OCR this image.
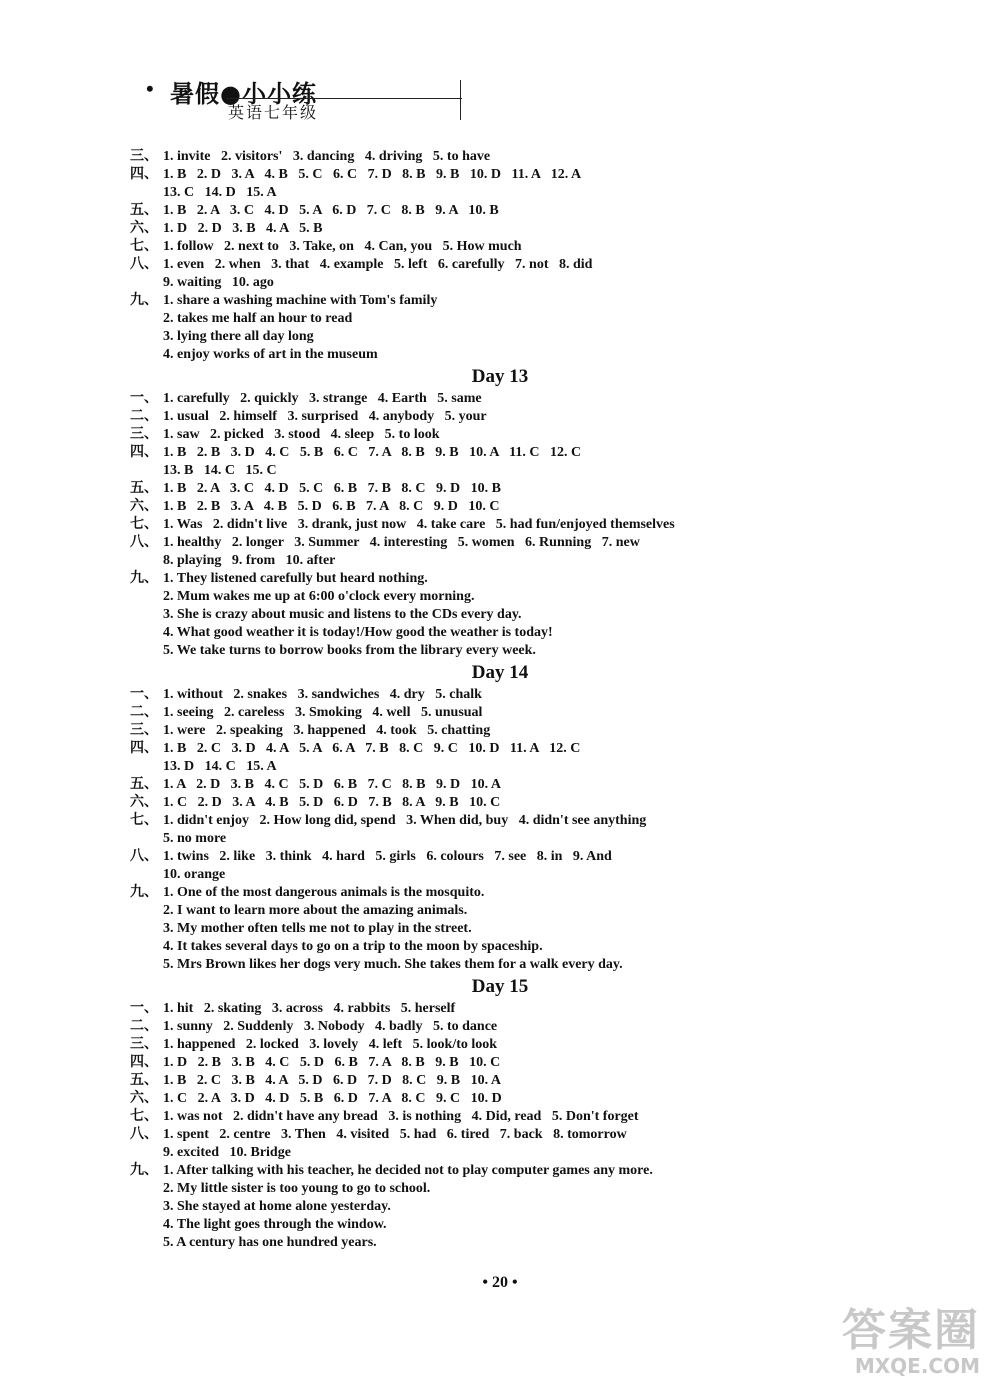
• 暑假●小小练
英语七年级
三、 1. invite   2. visitors'   3. dancing   4. driving   5. to have
四、 1. B   2. D   3. A   4. B   5. C   6. C   7. D   8. B   9. B   10. D   11. A   12. A
13. C   14. D   15. A
五、 1. B   2. A   3. C   4. D   5. A   6. D   7. C   8. B   9. A   10. B
六、 1. D   2. D   3. B   4. A   5. B
七、 1. follow   2. next to   3. Take, on   4. Can, you   5. How much
八、 1. even   2. when   3. that   4. example   5. left   6. carefully   7. not   8. did
9. waiting   10. ago
九、 1. share a washing machine with Tom's family
2. takes me half an hour to read
3. lying there all day long
4. enjoy works of art in the museum
Day 13
一、 1. carefully   2. quickly   3. strange   4. Earth   5. same
二、 1. usual   2. himself   3. surprised   4. anybody   5. your
三、 1. saw   2. picked   3. stood   4. sleep   5. to look
四、 1. B   2. B   3. D   4. C   5. B   6. C   7. A   8. B   9. B   10. A   11. C   12. C
13. B   14. C   15. C
五、 1. B   2. A   3. C   4. D   5. C   6. B   7. B   8. C   9. D   10. B
六、 1. B   2. B   3. A   4. B   5. D   6. B   7. A   8. C   9. D   10. C
七、 1. Was   2. didn't live   3. drank, just now   4. take care   5. had fun/enjoyed themselves
八、 1. healthy   2. longer   3. Summer   4. interesting   5. women   6. Running   7. new
8. playing   9. from   10. after
九、 1. They listened carefully but heard nothing.
2. Mum wakes me up at 6:00 o'clock every morning.
3. She is crazy about music and listens to the CDs every day.
4. What good weather it is today!/How good the weather is today!
5. We take turns to borrow books from the library every week.
Day 14
一、 1. without   2. snakes   3. sandwiches   4. dry   5. chalk
二、 1. seeing   2. careless   3. Smoking   4. well   5. unusual
三、 1. were   2. speaking   3. happened   4. took   5. chatting
四、 1. B   2. C   3. D   4. A   5. A   6. A   7. B   8. C   9. C   10. D   11. A   12. C
13. D   14. C   15. A
五、 1. A   2. D   3. B   4. C   5. D   6. B   7. C   8. B   9. D   10. A
六、 1. C   2. D   3. A   4. B   5. D   6. D   7. B   8. A   9. B   10. C
七、 1. didn't enjoy   2. How long did, spend   3. When did, buy   4. didn't see anything
5. no more
八、 1. twins   2. like   3. think   4. hard   5. girls   6. colours   7. see   8. in   9. And
10. orange
九、 1. One of the most dangerous animals is the mosquito.
2. I want to learn more about the amazing animals.
3. My mother often tells me not to play in the street.
4. It takes several days to go on a trip to the moon by spaceship.
5. Mrs Brown likes her dogs very much. She takes them for a walk every day.
Day 15
一、 1. hit   2. skating   3. across   4. rabbits   5. herself
二、 1. sunny   2. Suddenly   3. Nobody   4. badly   5. to dance
三、 1. happened   2. locked   3. lovely   4. left   5. look/to look
四、 1. D   2. B   3. B   4. C   5. D   6. B   7. A   8. B   9. B   10. C
五、 1. B   2. C   3. B   4. A   5. D   6. D   7. D   8. C   9. B   10. A
六、 1. C   2. A   3. D   4. D   5. B   6. D   7. A   8. C   9. C   10. D
七、 1. was not   2. didn't have any bread   3. is nothing   4. Did, read   5. Don't forget
八、 1. spent   2. centre   3. Then   4. visited   5. had   6. tired   7. back   8. tomorrow
9. excited   10. Bridge
九、 1. After talking with his teacher, he decided not to play computer games any more.
2. My little sister is too young to go to school.
3. She stayed at home alone yesterday.
4. The light goes through the window.
5. A century has one hundred years.
• 20 •
答案圈
MXQE.COM
